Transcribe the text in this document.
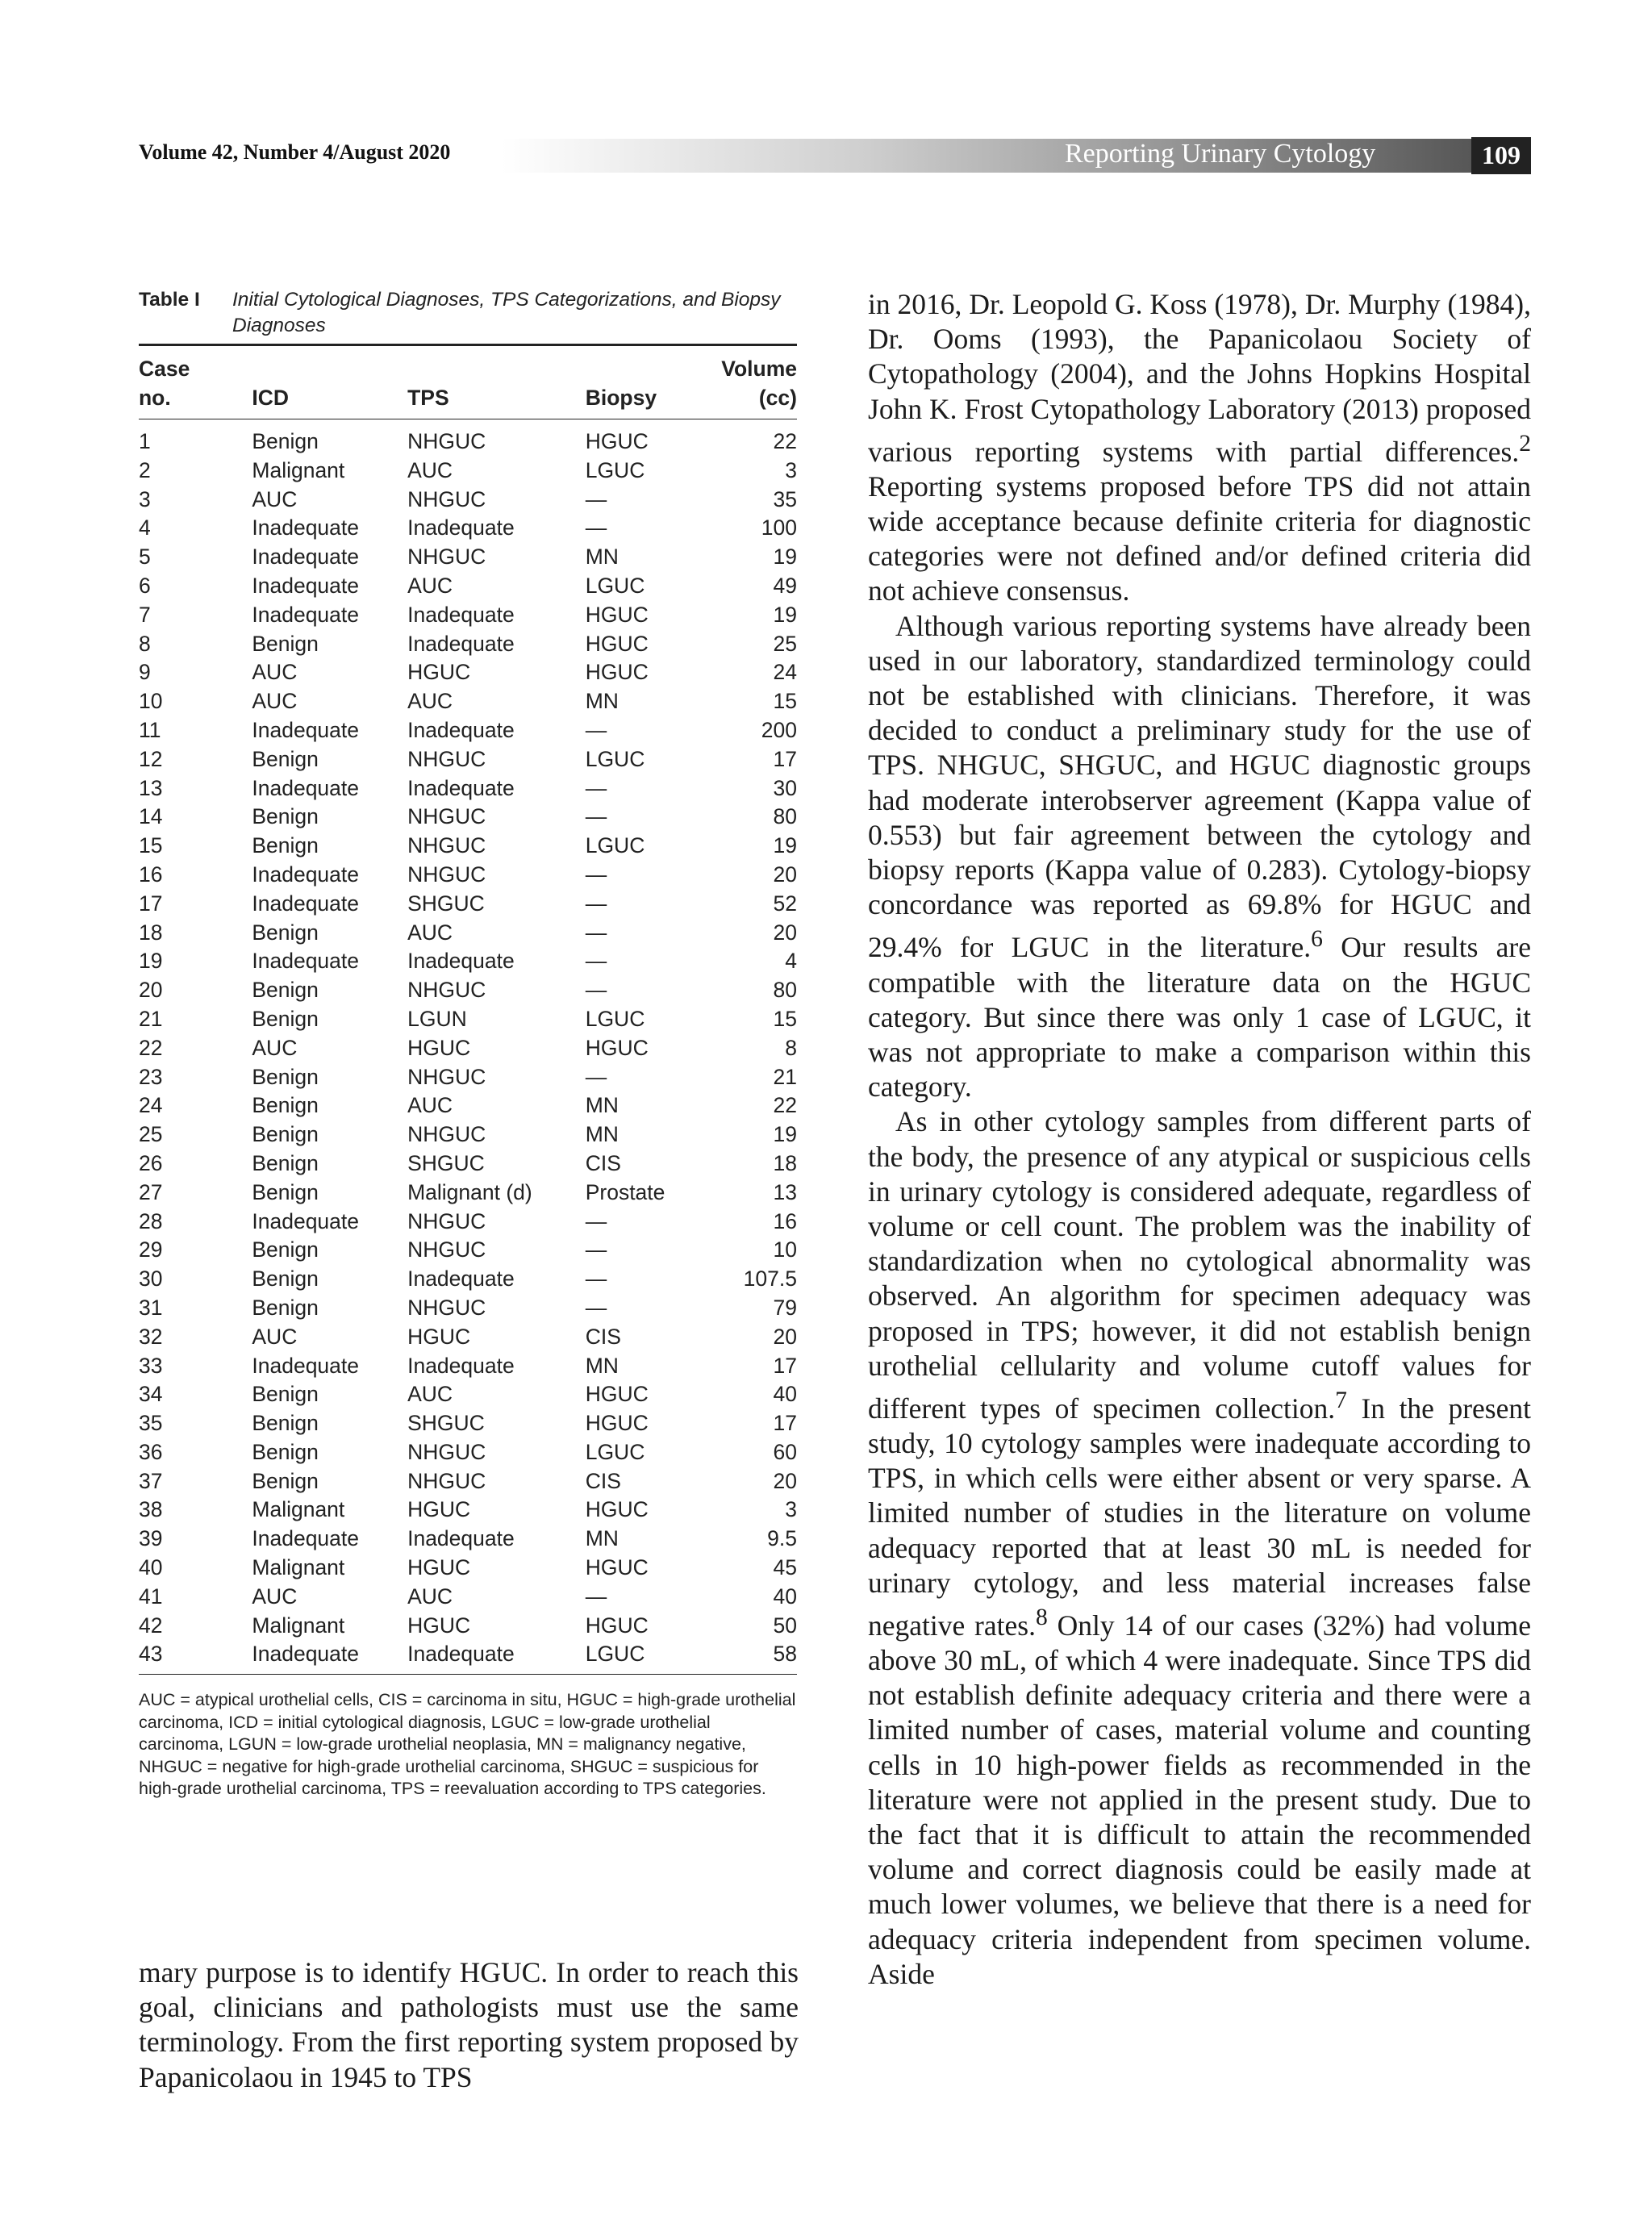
Volume 42, Number 4/August 2020	Reporting Urinary Cytology	109
Table I Initial Cytological Diagnoses, TPS Categorizations, and Biopsy Diagnoses
Case				Volume
no.	ICD	TPS	Biopsy	(cc)
1	Benign	NHGUC	HGUC	22
2	Malignant	AUC	LGUC	3
3	AUC	NHGUC	—	35
4	Inadequate	Inadequate	—	100
5	Inadequate	NHGUC	MN	19
6	Inadequate	AUC	LGUC	49
7	Inadequate	Inadequate	HGUC	19
8	Benign	Inadequate	HGUC	25
9	AUC	HGUC	HGUC	24
10	AUC	AUC	MN	15
11	Inadequate	Inadequate	—	200
12	Benign	NHGUC	LGUC	17
13	Inadequate	Inadequate	—	30
14	Benign	NHGUC	—	80
15	Benign	NHGUC	LGUC	19
16	Inadequate	NHGUC	—	20
17	Inadequate	SHGUC	—	52
18	Benign	AUC	—	20
19	Inadequate	Inadequate	—	4
20	Benign	NHGUC	—	80
21	Benign	LGUN	LGUC	15
22	AUC	HGUC	HGUC	8
23	Benign	NHGUC	—	21
24	Benign	AUC	MN	22
25	Benign	NHGUC	MN	19
26	Benign	SHGUC	CIS	18
27	Benign	Malignant (d)	Prostate	13
28	Inadequate	NHGUC	—	16
29	Benign	NHGUC	—	10
30	Benign	Inadequate	—	107.5
31	Benign	NHGUC	—	79
32	AUC	HGUC	CIS	20
33	Inadequate	Inadequate	MN	17
34	Benign	AUC	HGUC	40
35	Benign	SHGUC	HGUC	17
36	Benign	NHGUC	LGUC	60
37	Benign	NHGUC	CIS	20
38	Malignant	HGUC	HGUC	3
39	Inadequate	Inadequate	MN	9.5
40	Malignant	HGUC	HGUC	45
41	AUC	AUC	—	40
42	Malignant	HGUC	HGUC	50
43	Inadequate	Inadequate	LGUC	58
AUC = atypical urothelial cells, CIS = carcinoma in situ, HGUC = high-grade urothelial carcinoma, ICD = initial cytological diagnosis, LGUC = low-grade urothelial carcinoma, LGUN = low-grade urothelial neoplasia, MN = malignancy negative, NHGUC = negative for high-grade urothelial carcinoma, SHGUC = suspicious for high-grade urothelial carcinoma, TPS = reevaluation according to TPS categories.

mary purpose is to identify HGUC. In order to reach this goal, clinicians and pathologists must use the same terminology. From the first reporting system proposed by Papanicolaou in 1945 to TPS

in 2016, Dr. Leopold G. Koss (1978), Dr. Murphy (1984), Dr. Ooms (1993), the Papanicolaou Society of Cytopathology (2004), and the Johns Hopkins Hospital John K. Frost Cytopathology Laboratory (2013) proposed various reporting systems with partial differences.$^2$ Reporting systems proposed before TPS did not attain wide acceptance because definite criteria for diagnostic categories were not defined and/or defined criteria did not achieve consensus.

Although various reporting systems have already been used in our laboratory, standardized terminology could not be established with clinicians. Therefore, it was decided to conduct a preliminary study for the use of TPS. NHGUC, SHGUC, and HGUC diagnostic groups had moderate interobserver agreement (Kappa value of 0.553) but fair agreement between the cytology and biopsy reports (Kappa value of 0.283). Cytology-biopsy concordance was reported as 69.8% for HGUC and 29.4% for LGUC in the literature.$^6$ Our results are compatible with the literature data on the HGUC category. But since there was only 1 case of LGUC, it was not appropriate to make a comparison within this category.

As in other cytology samples from different parts of the body, the presence of any atypical or suspicious cells in urinary cytology is considered adequate, regardless of volume or cell count. The problem was the inability of standardization when no cytological abnormality was observed. An algorithm for specimen adequacy was proposed in TPS; however, it did not establish benign urothelial cellularity and volume cutoff values for different types of specimen collection.$^7$ In the present study, 10 cytology samples were inadequate according to TPS, in which cells were either absent or very sparse. A limited number of studies in the literature on volume adequacy reported that at least 30 mL is needed for urinary cytology, and less material increases false negative rates.$^8$ Only 14 of our cases (32%) had volume above 30 mL, of which 4 were inadequate. Since TPS did not establish definite adequacy criteria and there were a limited number of cases, material volume and counting cells in 10 high-power fields as recommended in the literature were not applied in the present study. Due to the fact that it is difficult to attain the recommended volume and correct diagnosis could be easily made at much lower volumes, we believe that there is a need for adequacy criteria independent from specimen volume. Aside
